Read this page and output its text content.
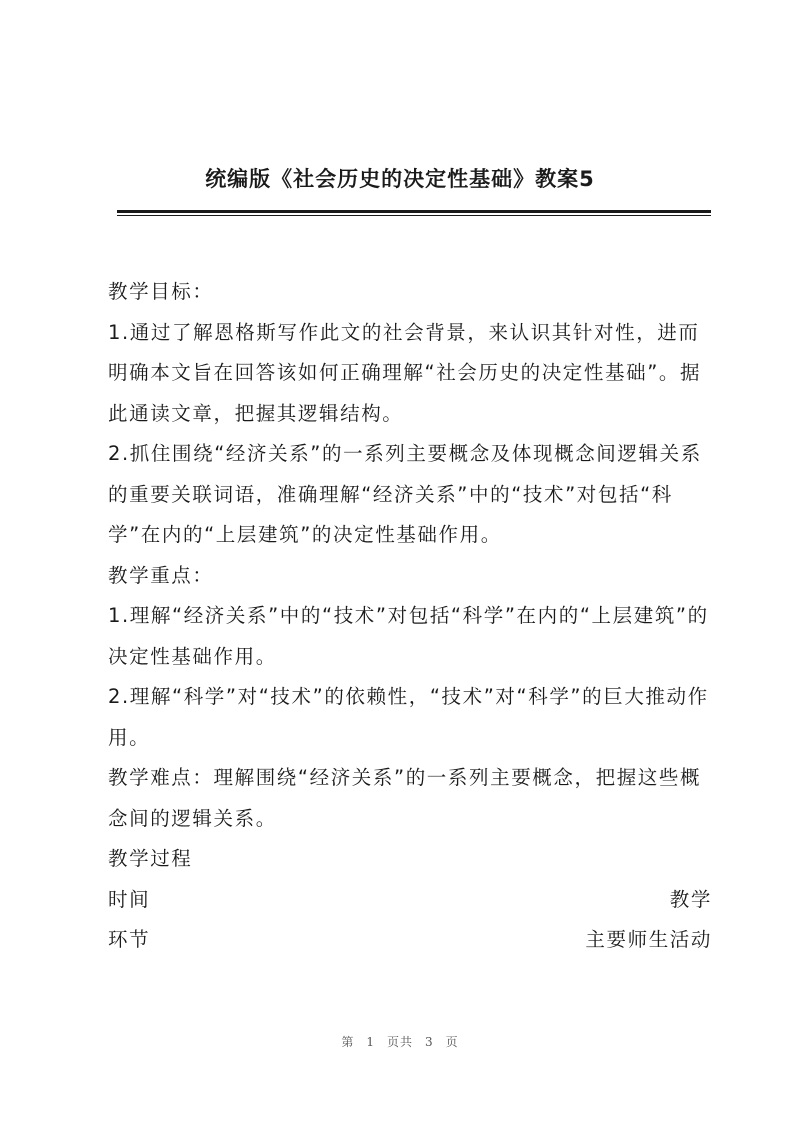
统编版《社会历史的决定性基础》教案5

教学目标：

1.通过了解恩格斯写作此文的社会背景，来认识其针对性，进而明确本文旨在回答该如何正确理解“社会历史的决定性基础”。据此通读文章，把握其逻辑结构。

2.抓住围绕“经济关系”的一系列主要概念及体现概念间逻辑关系的重要关联词语，准确理解“经济关系”中的“技术”对包括“科学”在内的“上层建筑”的决定性基础作用。

教学重点：

1.理解“经济关系”中的“技术”对包括“科学”在内的“上层建筑”的决定性基础作用。

2.理解“科学”对“技术”的依赖性，“技术”对“科学”的巨大推动作用。

教学难点：理解围绕“经济关系”的一系列主要概念，把握这些概念间的逻辑关系。

教学过程

时间	教学
环节	主要师生活动
第 1 页共 3 页
